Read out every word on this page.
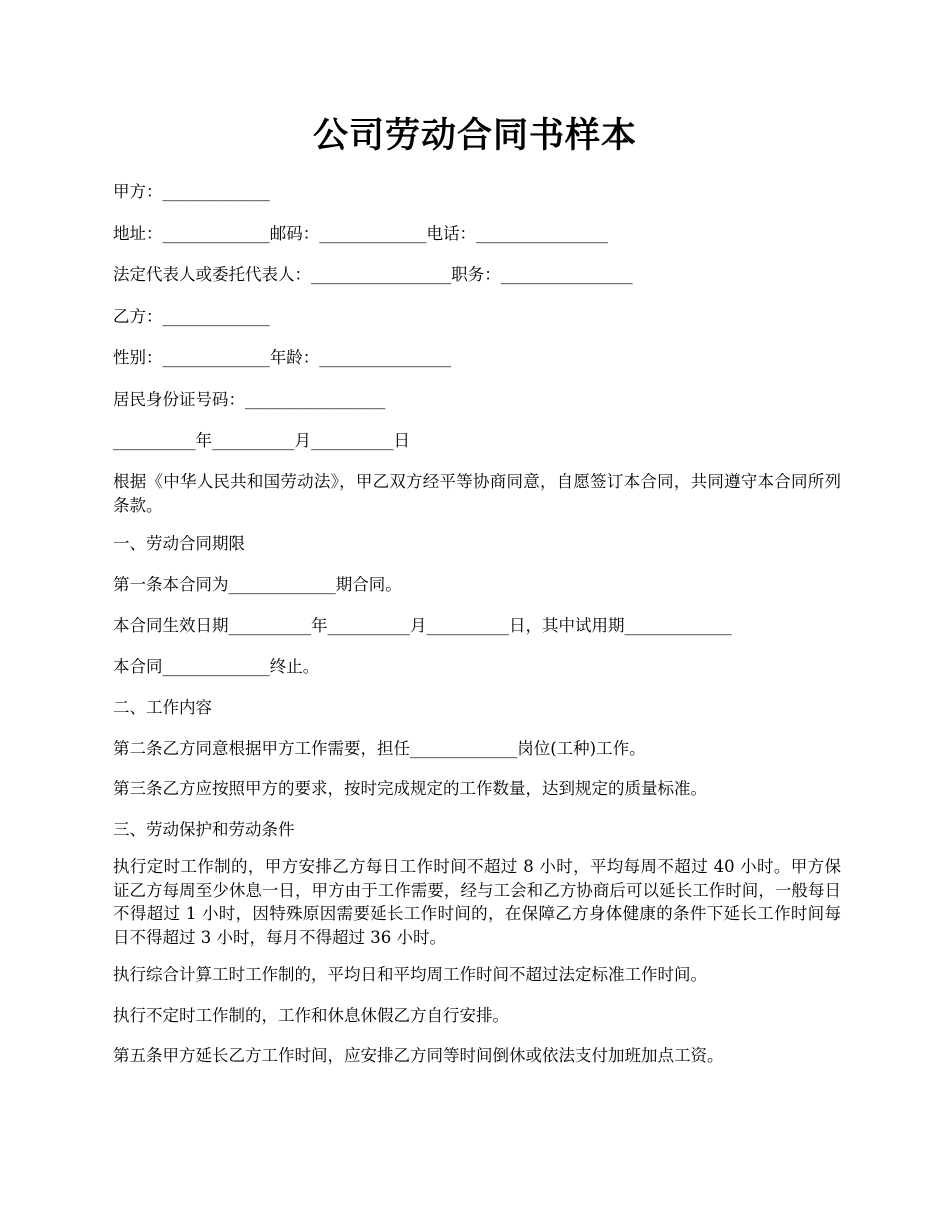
公司劳动合同书样本
甲方：_____________
地址：_____________邮码：_____________电话：________________
法定代表人或委托代表人：_________________职务：________________
乙方：_____________
性别：_____________年龄：________________
居民身份证号码：_________________
__________年__________月__________日
根据《中华人民共和国劳动法》，甲乙双方经平等协商同意，自愿签订本合同，共同遵守本合同所列条款。
一、劳动合同期限
第一条本合同为_____________期合同。
本合同生效日期__________年__________月__________日，其中试用期_____________
本合同_____________终止。
二、工作内容
第二条乙方同意根据甲方工作需要，担任_____________岗位(工种)工作。
第三条乙方应按照甲方的要求，按时完成规定的工作数量，达到规定的质量标准。
三、劳动保护和劳动条件
执行定时工作制的，甲方安排乙方每日工作时间不超过 8 小时，平均每周不超过 40 小时。甲方保证乙方每周至少休息一日，甲方由于工作需要，经与工会和乙方协商后可以延长工作时间，一般每日不得超过 1 小时，因特殊原因需要延长工作时间的，在保障乙方身体健康的条件下延长工作时间每日不得超过 3 小时，每月不得超过 36 小时。
执行综合计算工时工作制的，平均日和平均周工作时间不超过法定标准工作时间。
执行不定时工作制的，工作和休息休假乙方自行安排。
第五条甲方延长乙方工作时间，应安排乙方同等时间倒休或依法支付加班加点工资。
